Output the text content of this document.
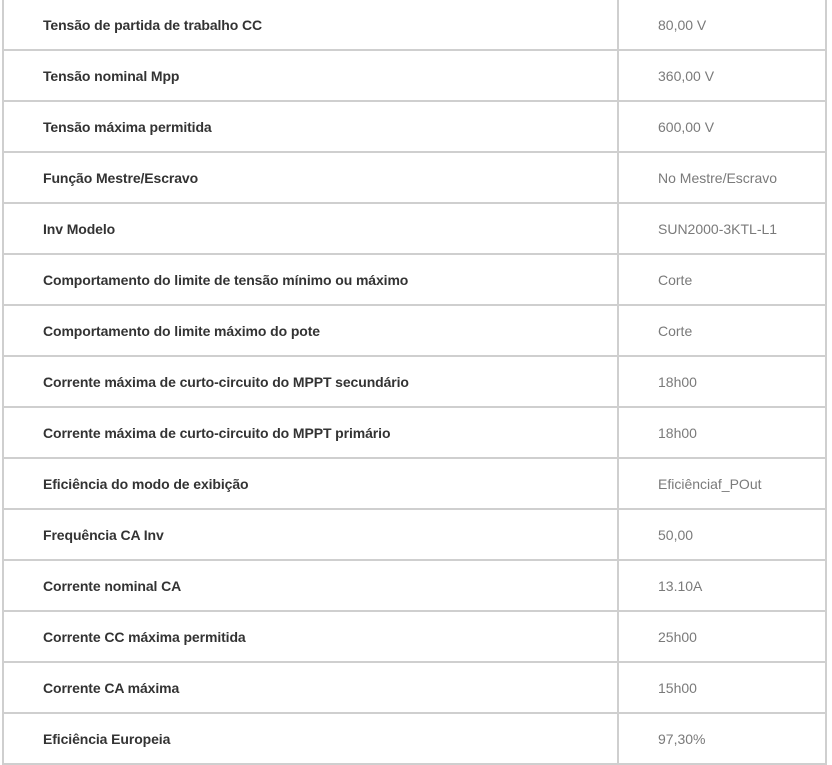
Tensão de partida de trabalho CC	80,00 V
Tensão nominal Mpp	360,00 V
Tensão máxima permitida	600,00 V
Função Mestre/Escravo	No Mestre/Escravo
Inv Modelo	SUN2000-3KTL-L1
Comportamento do limite de tensão mínimo ou máximo	Corte
Comportamento do limite máximo do pote	Corte
Corrente máxima de curto-circuito do MPPT secundário	18h00
Corrente máxima de curto-circuito do MPPT primário	18h00
Eficiência do modo de exibição	Eficiênciaf_POut
Frequência CA Inv	50,00
Corrente nominal CA	13.10A
Corrente CC máxima permitida	25h00
Corrente CA máxima	15h00
Eficiência Europeia	97,30%
